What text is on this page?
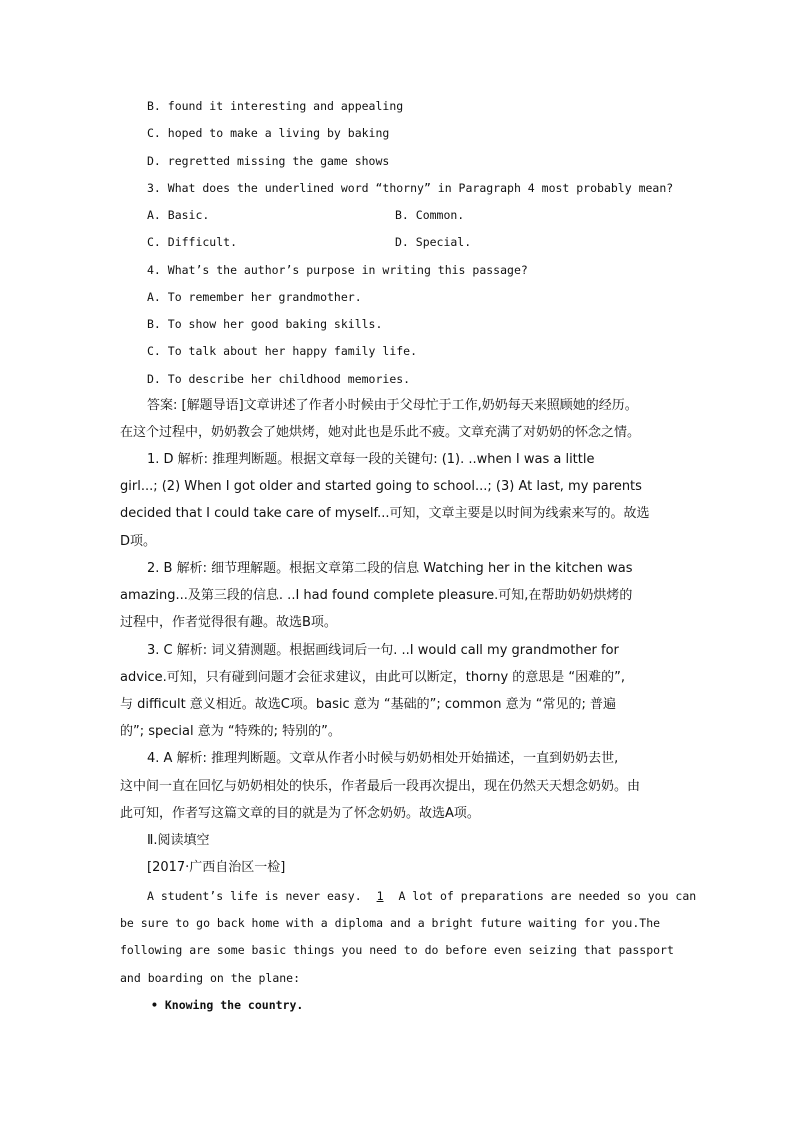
B. found it interesting and appealing
C. hoped to make a living by baking
D. regretted missing the game shows
3. What does the underlined word “thorny” in Paragraph 4 most probably mean?
A. Basic.	B. Common.
C. Difficult.	D. Special.
4. What’s the author’s purpose in writing this passage?
A. To remember her grandmother.
B. To show her good baking skills.
C. To talk about her happy family life.
D. To describe her childhood memories.
答案: [解题导语]文章讲述了作者小时候由于父母忙于工作,奶奶每天来照顾她的经历。
在这个过程中，奶奶教会了她烘烤，她对此也是乐此不疲。文章充满了对奶奶的怀念之情。
1. D 解析: 推理判断题。根据文章每一段的关键句: (1). ..when I was a little
girl...; (2) When I got older and started going to school...; (3) At last, my parents
decided that I could take care of myself...可知，文章主要是以时间为线索来写的。故选
D项。
2. B 解析: 细节理解题。根据文章第二段的信息 Watching her in the kitchen was
amazing...及第三段的信息. ..I had found complete pleasure.可知,在帮助奶奶烘烤的
过程中，作者觉得很有趣。故选B项。
3. C 解析: 词义猜测题。根据画线词后一句. ..I would call my grandmother for
advice.可知，只有碰到问题才会征求建议，由此可以断定，thorny 的意思是 “困难的”,
与 difficult 意义相近。故选C项。basic 意为 “基础的”; common 意为 “常见的; 普遍
的”; special 意为 “特殊的; 特别的”。
4. A 解析: 推理判断题。文章从作者小时候与奶奶相处开始描述，一直到奶奶去世,
这中间一直在回忆与奶奶相处的快乐，作者最后一段再次提出，现在仍然天天想念奶奶。由
此可知，作者写这篇文章的目的就是为了怀念奶奶。故选A项。
Ⅱ.阅读填空
[2017·广西自治区一检]
A student’s life is never easy. 1 A lot of preparations are needed so you can
be sure to go back home with a diploma and a bright future waiting for you.The
following are some basic things you need to do before even seizing that passport
and boarding on the plane:
• Knowing the country.
